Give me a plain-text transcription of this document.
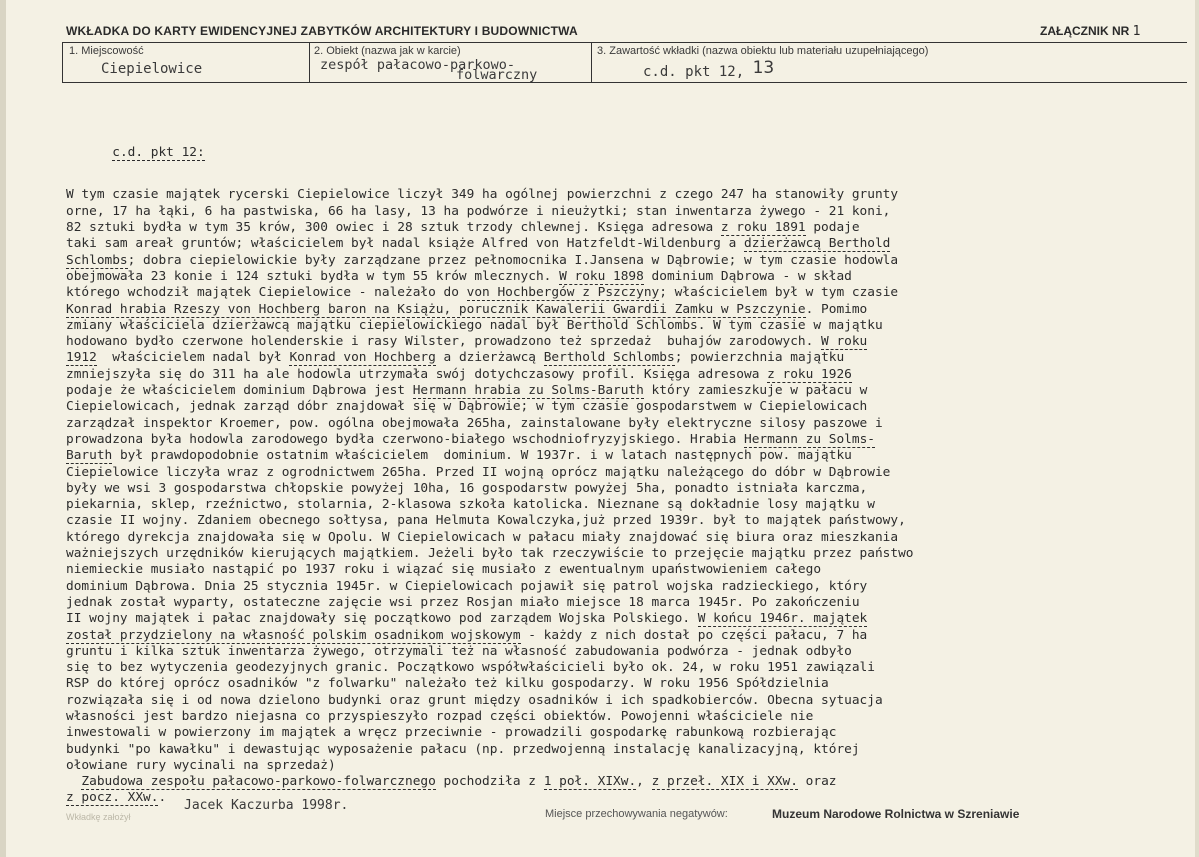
WKŁADKA DO KARTY EWIDENCYJNEJ ZABYTKÓW ARCHITEKTURY I BUDOWNICTWA	ZAŁĄCZNIK NR 1
1. Miejscowość
Ciepielowice
2. Obiekt (nazwa jak w karcie)
zespół pałacowo-parkowo-
folwarczny
3. Zawartość wkładki (nazwa obiektu lub materiału uzupełniającego)
c.d. pkt 12, 13

c.d. pkt 12:

W tym czasie majątek rycerski Ciepielowice liczył 349 ha ogólnej powierzchni z czego 247 ha stanowiły grunty
orne, 17 ha łąki, 6 ha pastwiska, 66 ha lasy, 13 ha podwórze i nieużytki; stan inwentarza żywego - 21 koni,
82 sztuki bydła w tym 35 krów, 300 owiec i 28 sztuk trzody chlewnej. Księga adresowa z roku 1891 podaje
taki sam areał gruntów; właścicielem był nadal książe Alfred von Hatzfeldt-Wildenburg a dzierżawcą Berthold
Schlombs; dobra ciepielowickie były zarządzane przez pełnomocnika I.Jansena w Dąbrowie; w tym czasie hodowla
obejmowała 23 konie i 124 sztuki bydła w tym 55 krów mlecznych. W roku 1898 dominium Dąbrowa - w skład
którego wchodził majątek Ciepielowice - należało do von Hochbergów z Pszczyny; właścicielem był w tym czasie
Konrad hrabia Rzeszy von Hochberg baron na Książu, porucznik Kawalerii Gwardii Zamku w Pszczynie. Pomimo
zmiany właściciela dzierżawcą majątku ciepielowickiego nadal był Berthold Schlombs. W tym czasie w majątku
hodowano bydło czerwone holenderskie i rasy Wilster, prowadzono też sprzedaż  buhajów zarodowych. W roku
1912  właścicielem nadal był Konrad von Hochberg a dzierżawcą Berthold Schlombs; powierzchnia majątku
zmniejszyła się do 311 ha ale hodowla utrzymała swój dotychczasowy profil. Księga adresowa z roku 1926
podaje że właścicielem dominium Dąbrowa jest Hermann hrabia zu Solms-Baruth który zamieszkuje w pałacu w
Ciepielowicach, jednak zarząd dóbr znajdował się w Dąbrowie; w tym czasie gospodarstwem w Ciepielowicach
zarządzał inspektor Kroemer, pow. ogólna obejmowała 265ha, zainstalowane były elektryczne silosy paszowe i
prowadzona była hodowla zarodowego bydła czerwono-białego wschodniofryzyjskiego. Hrabia Hermann zu Solms-
Baruth był prawdopodobnie ostatnim właścicielem  dominium. W 1937r. i w latach następnych pow. majątku
Ciepielowice liczyła wraz z ogrodnictwem 265ha. Przed II wojną oprócz majątku należącego do dóbr w Dąbrowie
były we wsi 3 gospodarstwa chłopskie powyżej 10ha, 16 gospodarstw powyżej 5ha, ponadto istniała karczma,
piekarnia, sklep, rzeźnictwo, stolarnia, 2-klasowa szkoła katolicka. Nieznane są dokładnie losy majątku w
czasie II wojny. Zdaniem obecnego sołtysa, pana Helmuta Kowalczyka,już przed 1939r. był to majątek państwowy,
którego dyrekcja znajdowała się w Opolu. W Ciepielowicach w pałacu miały znajdować się biura oraz mieszkania
ważniejszych urzędników kierujących majątkiem. Jeżeli było tak rzeczywiście to przejęcie majątku przez państwo
niemieckie musiało nastąpić po 1937 roku i wiązać się musiało z ewentualnym upaństwowieniem całego
dominium Dąbrowa. Dnia 25 stycznia 1945r. w Ciepielowicach pojawił się patrol wojska radzieckiego, który
jednak został wyparty, ostateczne zajęcie wsi przez Rosjan miało miejsce 18 marca 1945r. Po zakończeniu
II wojny majątek i pałac znajdowały się początkowo pod zarządem Wojska Polskiego. W końcu 1946r. majątek
został przydzielony na własność polskim osadnikom wojskowym - każdy z nich dostał po części pałacu, 7 ha
gruntu i kilka sztuk inwentarza żywego, otrzymali też na własność zabudowania podwórza - jednak odbyło
się to bez wytyczenia geodezyjnych granic. Początkowo współwłaścicieli było ok. 24, w roku 1951 zawiązali
RSP do której oprócz osadników "z folwarku" należało też kilku gospodarzy. W roku 1956 Spółdzielnia
rozwiązała się i od nowa dzielono budynki oraz grunt między osadników i ich spadkobierców. Obecna sytuacja
własności jest bardzo niejasna co przyspieszyło rozpad części obiektów. Powojenni właściciele nie
inwestowali w powierzony im majątek a wręcz przeciwnie - prowadzili gospodarkę rabunkową rozbierając
budynki "po kawałku" i dewastując wyposażenie pałacu (np. przedwojenną instalację kanalizacyjną, której
ołowiane rury wycinali na sprzedaż)
Zabudowa zespołu pałacowo-parkowo-folwarcznego pochodziła z 1 poł. XIXw., z przeł. XIX i XXw. oraz
z pocz. XXw..

Jacek Kaczurba 1998r.
Wkładkę założył	Miejsce przechowywania negatywów:	Muzeum Narodowe Rolnictwa w Szreniawie
